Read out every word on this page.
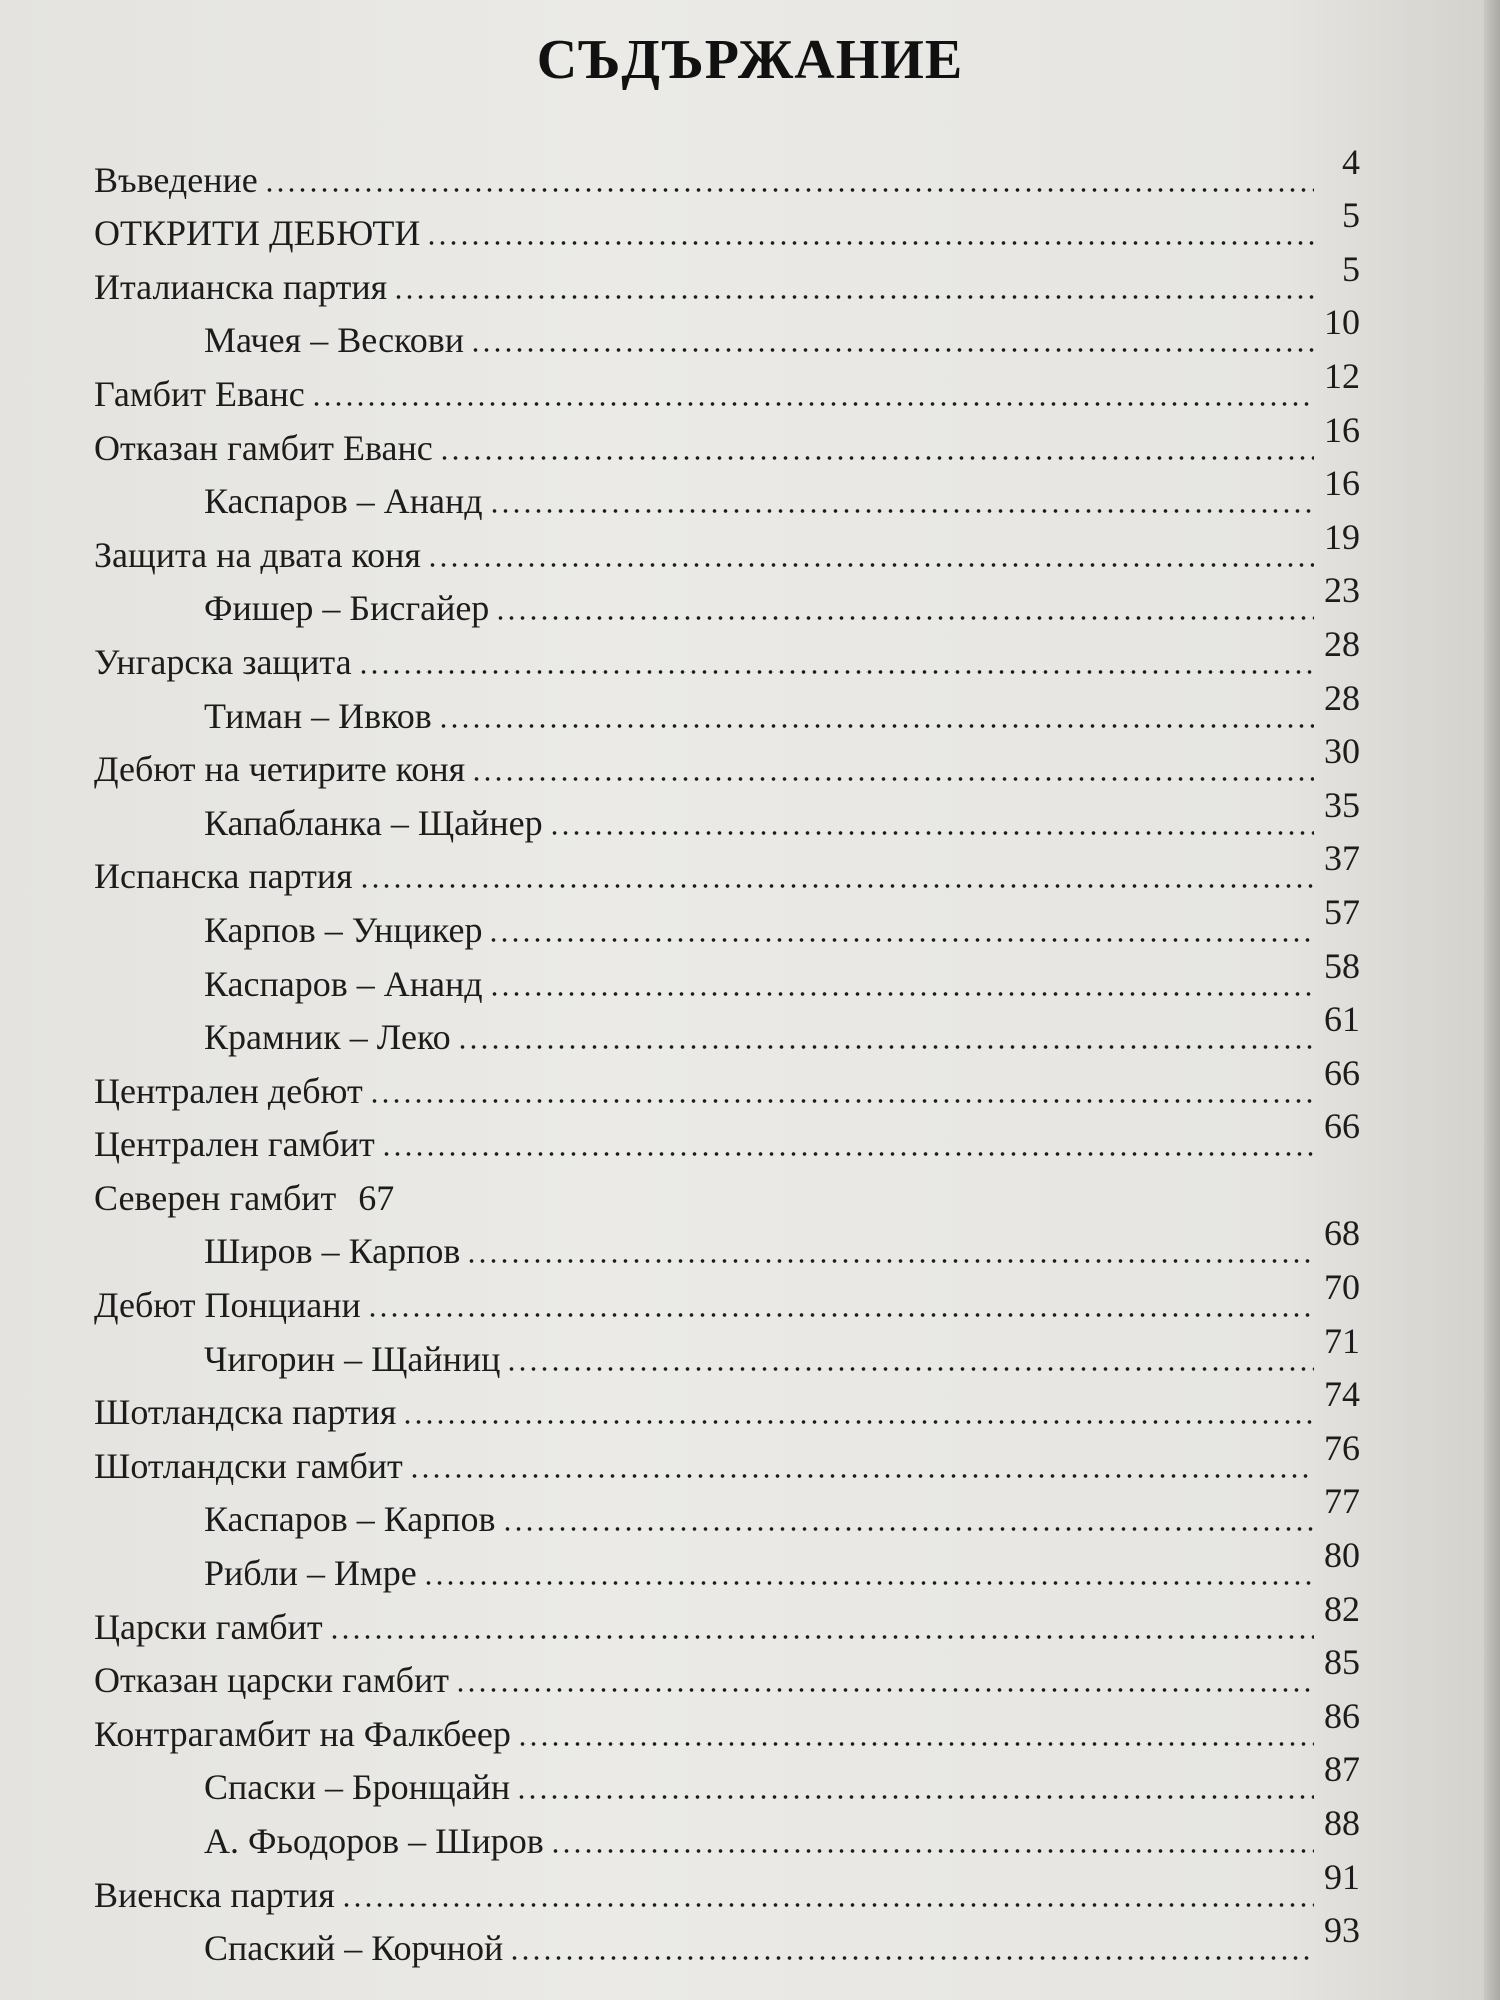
СЪДЪРЖАНИЕ
Въведение	4
ОТКРИТИ ДЕБЮТИ	5
Италианска партия	5
Мачея – Вескови	10
Гамбит Еванс	12
Отказан гамбит Еванс	16
Каспаров – Ананд	16
Защита на двата коня	19
Фишер – Бисгайер	23
Унгарска защита	28
Тиман – Ивков	28
Дебют на четирите коня	30
Капабланка – Щайнер	35
Испанска партия	37
Карпов – Унцикер	57
Каспаров – Ананд	58
Крамник – Леко	61
Централен дебют	66
Централен гамбит	66
Северен гамбит 67
Широв – Карпов	68
Дебют Понциани	70
Чигорин – Щайниц	71
Шотландска партия	74
Шотландски гамбит	76
Каспаров – Карпов	77
Рибли – Имре	80
Царски гамбит	82
Отказан царски гамбит	85
Контрагамбит на Фалкбеер	86
Спаски – Бронщайн	87
А. Фьодоров – Широв	88
Виенска партия	91
Спаский – Корчной	93
